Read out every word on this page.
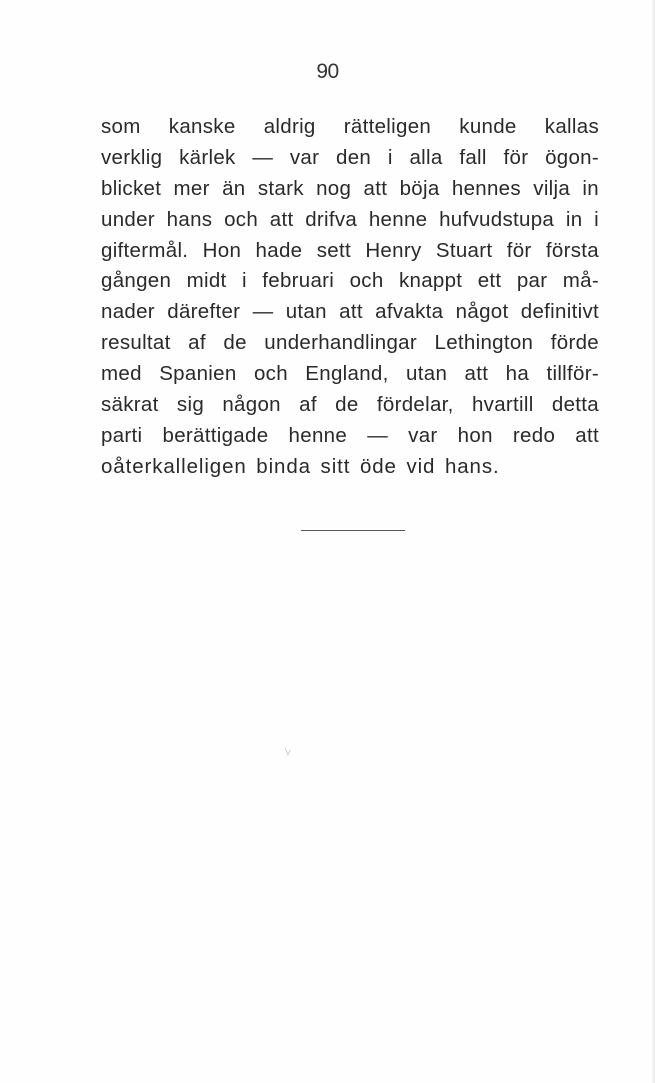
90
som kanske aldrig rätteligen kunde kallas
verklig kärlek — var den i alla fall för ögon-
blicket mer än stark nog att böja hennes vilja in
under hans och att drifva henne hufvudstupa in i
giftermål. Hon hade sett Henry Stuart för första
gången midt i februari och knappt ett par må-
nader därefter — utan att afvakta något definitivt
resultat af de underhandlingar Lethington förde
med Spanien och England, utan att ha tillför-
säkrat sig någon af de fördelar, hvartill detta
parti berättigade henne — var hon redo att
oåterkalleligen binda sitt öde vid hans.
